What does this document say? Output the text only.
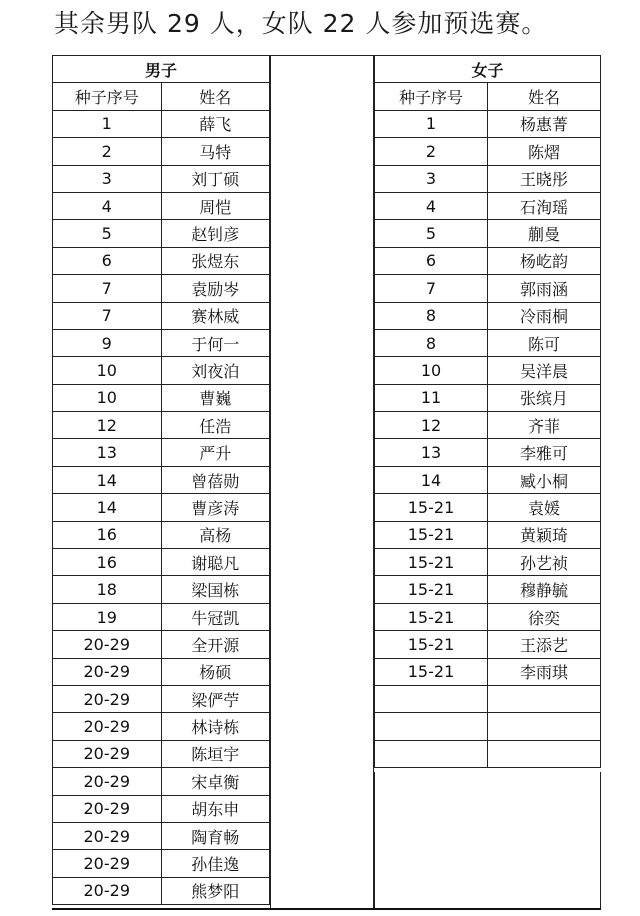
其余男队 29 人，女队 22 人参加预选赛。
男子	
种子序号	姓名
1	薛飞
2	马特
3	刘丁硕
4	周恺
5	赵钊彦
6	张煜东
7	袁励岑
7	赛林威
9	于何一
10	刘夜泊
10	曹巍
12	任浩
13	严升
14	曾蓓勋
14	曹彦涛
16	高杨
16	谢聪凡
18	梁国栋
19	牛冠凯
20-29	全开源
20-29	杨硕
20-29	梁俨苧
20-29	林诗栋
20-29	陈垣宇
20-29	宋卓衡
20-29	胡东申
20-29	陶育畅
20-29	孙佳逸
20-29	熊梦阳
女子	
种子序号	姓名
1	杨惠菁
2	陈熠
3	王晓彤
4	石洵瑶
5	蒯曼
6	杨屹韵
7	郭雨涵
8	冷雨桐
8	陈可
10	吴洋晨
11	张缤月
12	齐菲
13	李雅可
14	臧小桐
15-21	袁媛
15-21	黄颖琦
15-21	孙艺祯
15-21	穆静毓
15-21	徐奕
15-21	王添艺
15-21	李雨琪
